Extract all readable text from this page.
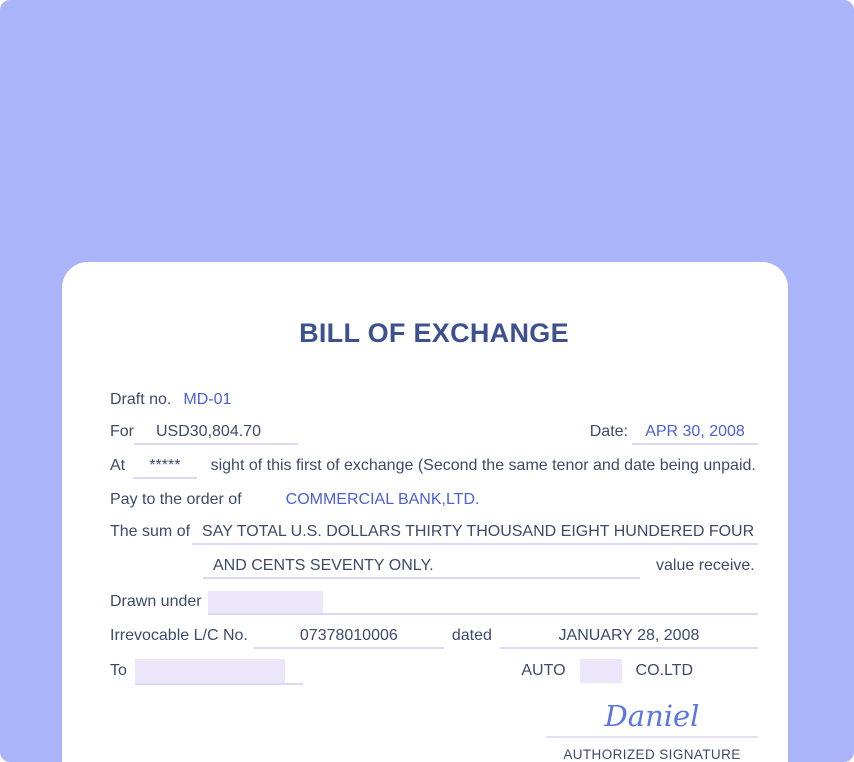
BILL OF EXCHANGE
Draft no. MD-01
For	USD30,804.70	Date:	APR 30, 2008
At	*****	sight of this first of exchange (Second the same tenor and date being unpaid.
Pay to the order of	COMMERCIAL BANK,LTD.
The sum of SAY TOTAL U.S. DOLLARS THIRTY THOUSAND EIGHT HUNDERED FOUR
AND CENTS SEVENTY ONLY.	value receive.
Drawn under
Irrevocable L/C No.	07378010006	dated	JANUARY 28, 2008
To	AUTO	CO.LTD
Daniel
AUTHORIZED SIGNATURE
